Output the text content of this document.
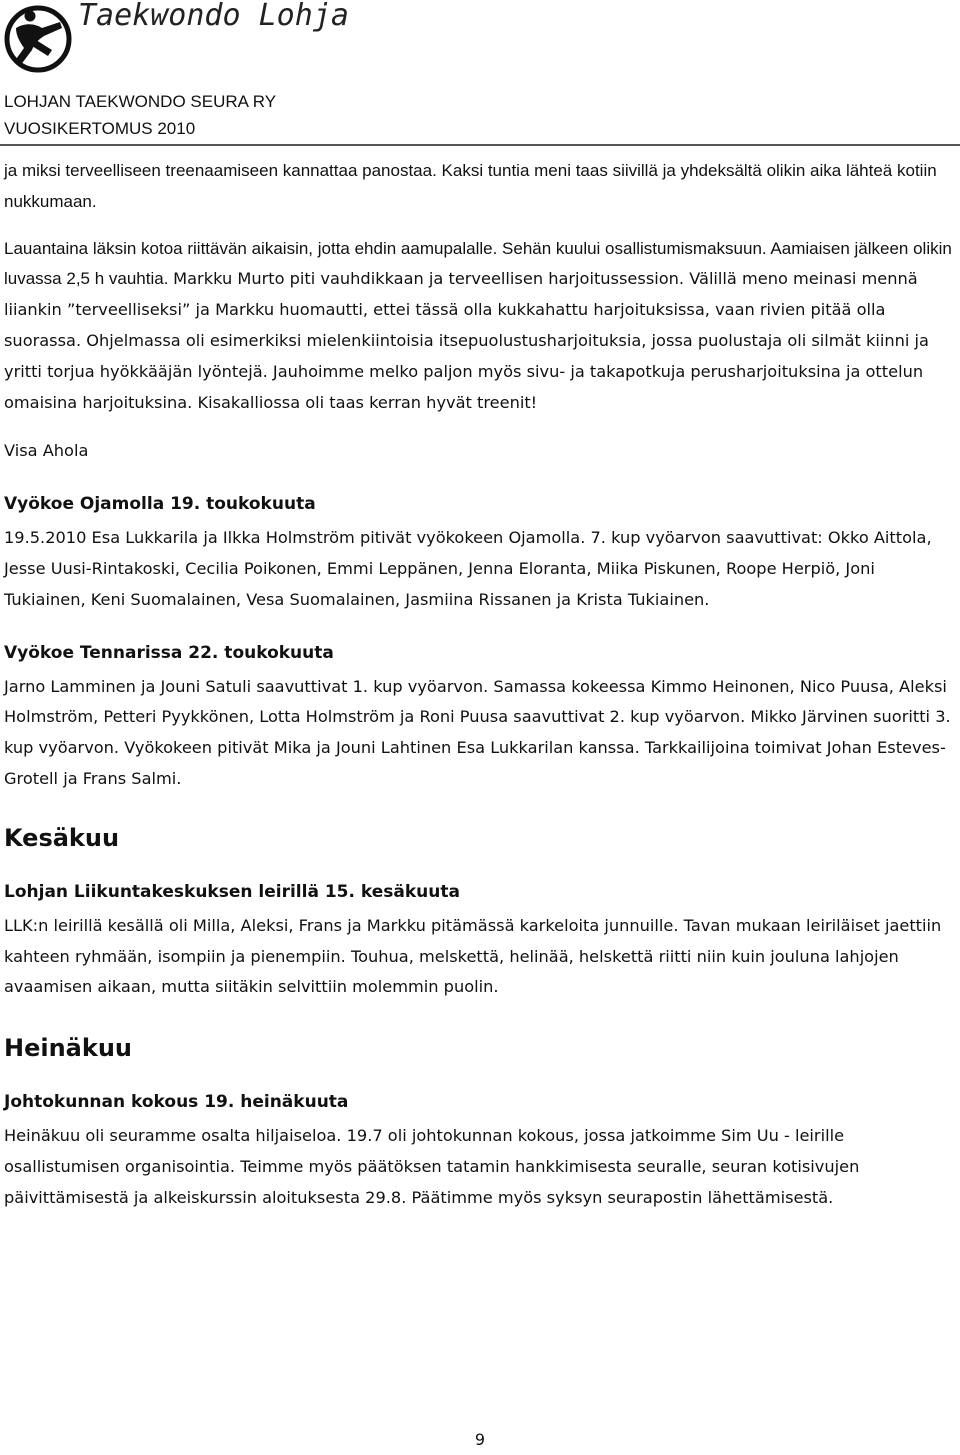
Taekwondo Lohja
LOHJAN TAEKWONDO SEURA RY
VUOSIKERTOMUS 2010

ja miksi terveelliseen treenaamiseen kannattaa panostaa. Kaksi tuntia meni taas siivillä ja yhdeksältä olikin aika lähteä kotiin nukkumaan.

Lauantaina läksin kotoa riittävän aikaisin, jotta ehdin aamupalalle. Sehän kuului osallistumismaksuun. Aamiaisen jälkeen olikin luvassa 2,5 h vauhtia. Markku Murto piti vauhdikkaan ja terveellisen harjoitussession. Välillä meno meinasi mennä liiankin ”terveelliseksi” ja Markku huomautti, ettei tässä olla kukkahattu harjoituksissa, vaan rivien pitää olla suorassa. Ohjelmassa oli esimerkiksi mielenkiintoisia itsepuolustusharjoituksia, jossa puolustaja oli silmät kiinni ja yritti torjua hyökkääjän lyöntejä. Jauhoimme melko paljon myös sivu- ja takapotkuja perusharjoituksina ja ottelun omaisina harjoituksina. Kisakalliossa oli taas kerran hyvät treenit!

Visa Ahola

Vyökoe Ojamolla 19. toukokuuta

19.5.2010 Esa Lukkarila ja Ilkka Holmström pitivät vyökokeen Ojamolla. 7. kup vyöarvon saavuttivat: Okko Aittola, Jesse Uusi-Rintakoski, Cecilia Poikonen, Emmi Leppänen, Jenna Eloranta, Miika Piskunen, Roope Herpiö, Joni Tukiainen, Keni Suomalainen, Vesa Suomalainen, Jasmiina Rissanen ja Krista Tukiainen.

Vyökoe Tennarissa 22. toukokuuta

Jarno Lamminen ja Jouni Satuli saavuttivat 1. kup vyöarvon. Samassa kokeessa Kimmo Heinonen, Nico Puusa, Aleksi Holmström, Petteri Pyykkönen, Lotta Holmström ja Roni Puusa saavuttivat 2. kup vyöarvon. Mikko Järvinen suoritti 3. kup vyöarvon. Vyökokeen pitivät Mika ja Jouni Lahtinen Esa Lukkarilan kanssa. Tarkkailijoina toimivat Johan Esteves-Grotell ja Frans Salmi.

Kesäkuu
Lohjan Liikuntakeskuksen leirillä 15. kesäkuuta

LLK:n leirillä kesällä oli Milla, Aleksi, Frans ja Markku pitämässä karkeloita junnuille. Tavan mukaan leiriläiset jaettiin kahteen ryhmään, isompiin ja pienempiin. Touhua, melskettä, helinää, helskettä riitti niin kuin jouluna lahjojen avaamisen aikaan, mutta siitäkin selvittiin molemmin puolin.

Heinäkuu
Johtokunnan kokous 19. heinäkuuta

Heinäkuu oli seuramme osalta hiljaiseloa. 19.7 oli johtokunnan kokous, jossa jatkoimme Sim Uu - leirille osallistumisen organisointia. Teimme myös päätöksen tatamin hankkimisesta seuralle, seuran kotisivujen päivittämisestä ja alkeiskurssin aloituksesta 29.8. Päätimme myös syksyn seurapostin lähettämisestä.

9
